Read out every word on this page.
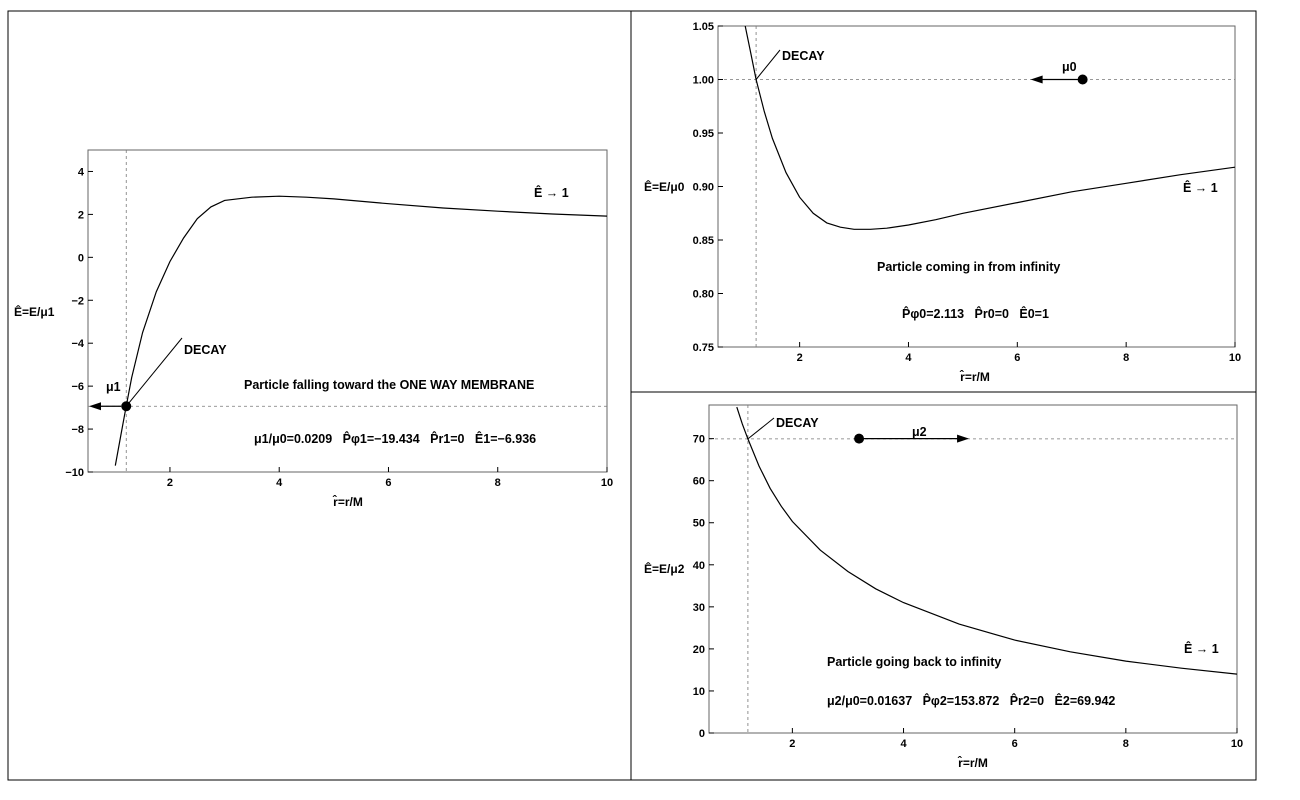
2	4	6	8	10
4
2
0
−2
−4
−6
−8
−10
Ê=E/μ1
r̂=r/M
DECAY
μ1
Ê → 1
Particle falling toward the ONE WAY MEMBRANE
μ1/μ0=0.0209   P̂φ1=−19.434   P̂r1=0   Ê1=−6.936
2	4	6	8	10
1.05
1.00
0.95
0.90
0.85
0.80
0.75
Ê=E/μ0
r̂=r/M
DECAY
μ0
Ê → 1
Particle coming in from infinity
P̂φ0=2.113   P̂r0=0   Ê0=1
2	4	6	8	10
70
60
50
40
30
20
10
0
Ê=E/μ2
r̂=r/M
DECAY
μ2
Ê → 1
Particle going back to infinity
μ2/μ0=0.01637   P̂φ2=153.872   P̂r2=0   Ê2=69.942
